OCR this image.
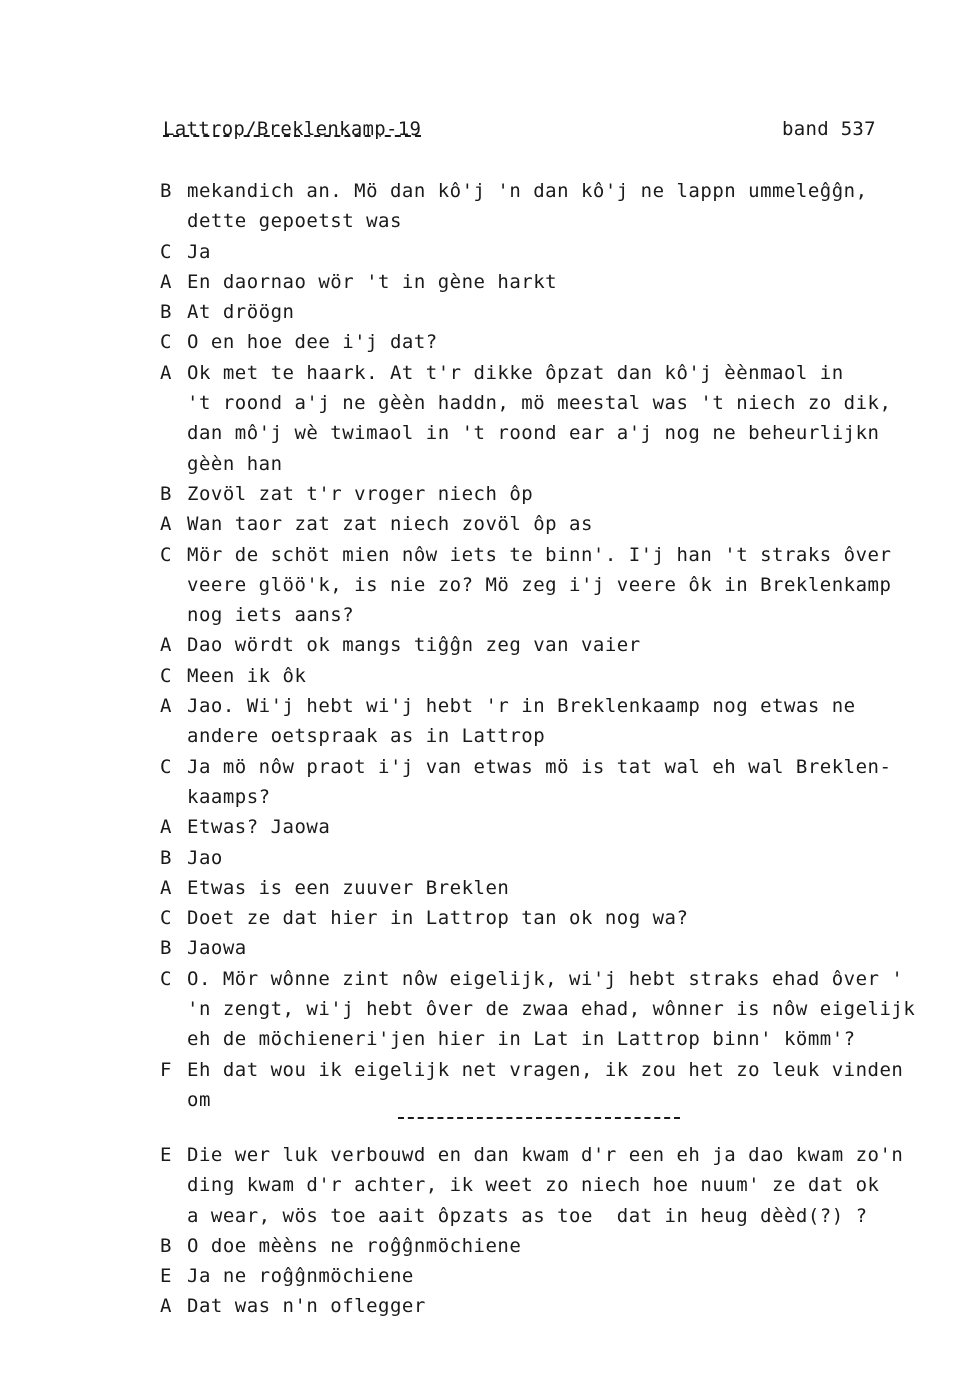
Lattrop/Breklenkamp-19	band 537
B mekandich an. Mö dan kô'j 'n dan kô'j ne lappn ummeleĝĝn,
dette gepoetst was
C Ja
A En daornao wör 't in gène harkt
B At dröögn
C O en hoe dee i'j dat?
A Ok met te haark. At t'r dikke ôpzat dan kô'j èènmaol in
't roond a'j ne gèèn haddn, mö meestal was 't niech zo dik,
dan mô'j wè twimaol in 't roond ear a'j nog ne beheurlijkn
gèèn han
B Zovöl zat t'r vroger niech ôp
A Wan taor zat zat niech zovöl ôp as
C Mör de schöt mien nôw iets te binn'. I'j han 't straks ôver
veere glöö'k, is nie zo? Mö zeg i'j veere ôk in Breklenkamp
nog iets aans?
A Dao wördt ok mangs tiĝĝn zeg van vaier
C Meen ik ôk
A Jao. Wi'j hebt wi'j hebt 'r in Breklenkaamp nog etwas ne
andere oetspraak as in Lattrop
C Ja mö nôw praot i'j van etwas mö is tat wal eh wal Breklen-
kaamps?
A Etwas? Jaowa
B Jao
A Etwas is een zuuver Breklen
C Doet ze dat hier in Lattrop tan ok nog wa?
B Jaowa
C O. Mör wônne zint nôw eigelijk, wi'j hebt straks ehad ôver '
'n zengt, wi'j hebt ôver de zwaa ehad, wônner is nôw eigelijk
eh de möchieneri'jen hier in Lat in Lattrop binn' kömm'?
F Eh dat wou ik eigelijk net vragen, ik zou het zo leuk vinden
om
E Die wer luk verbouwd en dan kwam d'r een eh ja dao kwam zo'n
ding kwam d'r achter, ik weet zo niech hoe nuum' ze dat ok
a wear, wös toe aait ôpzats as toe  dat in heug dèèd(?) ?
B O doe mèèns ne roĝĝnmöchiene
E Ja ne roĝĝnmöchiene
A Dat was n'n oflegger
